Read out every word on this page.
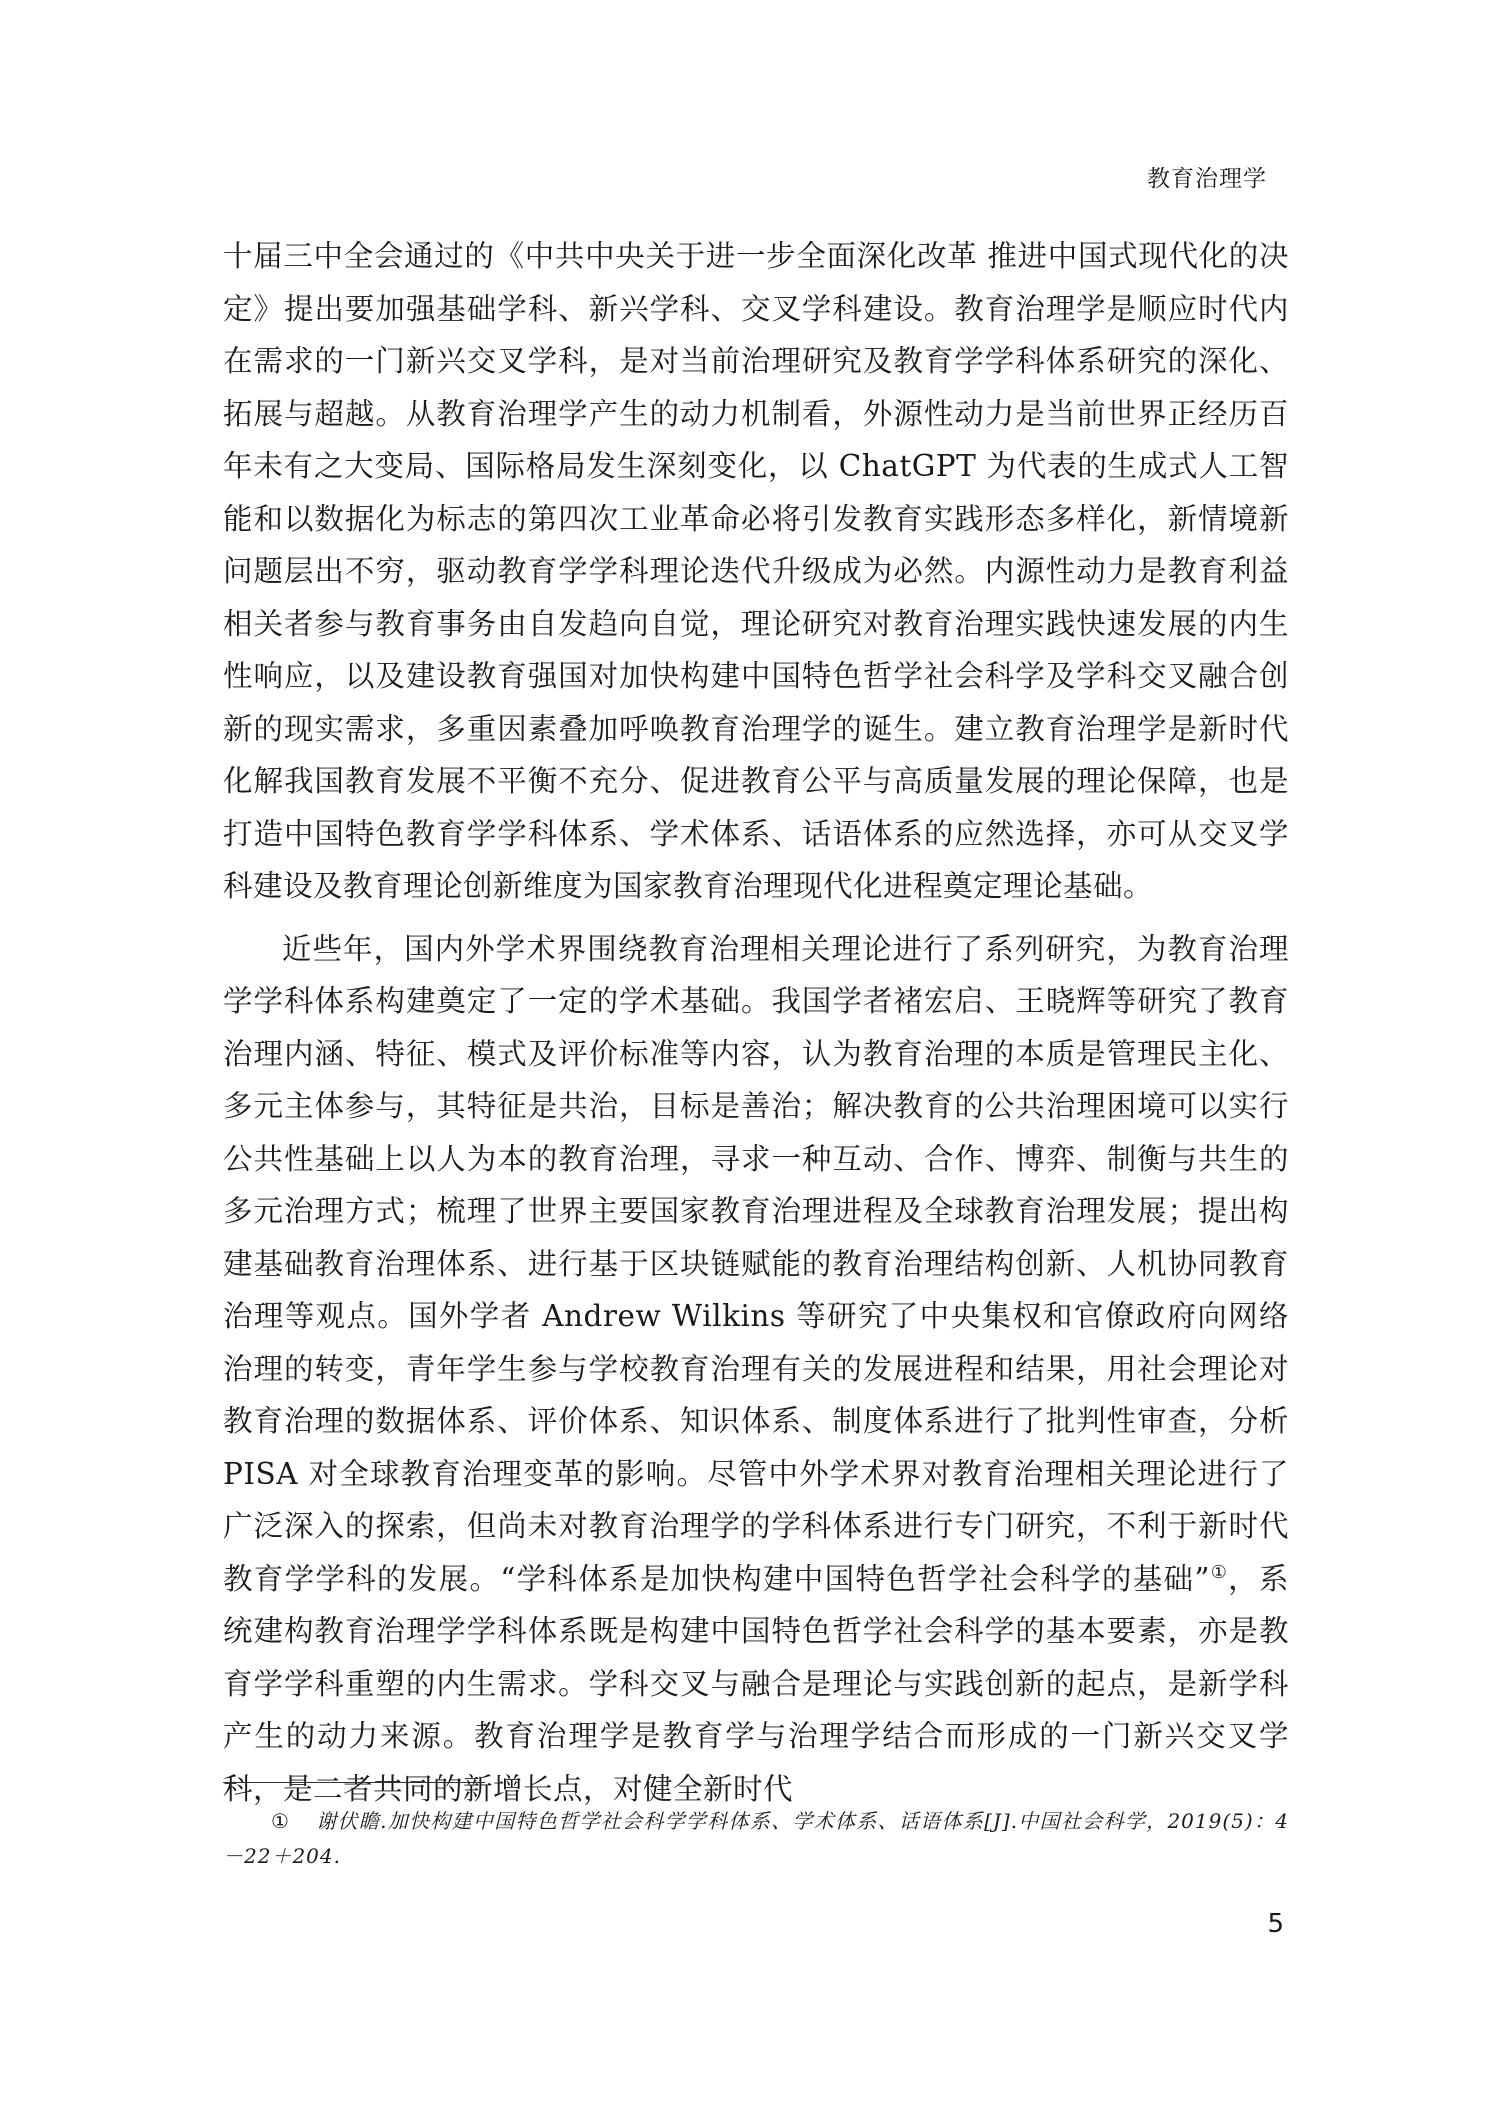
教育治理学

十届三中全会通过的《中共中央关于进一步全面深化改革 推进中国式现代化的决定》提出要加强基础学科、新兴学科、交叉学科建设。教育治理学是顺应时代内在需求的一门新兴交叉学科，是对当前治理研究及教育学学科体系研究的深化、拓展与超越。从教育治理学产生的动力机制看，外源性动力是当前世界正经历百年未有之大变局、国际格局发生深刻变化，以 ChatGPT 为代表的生成式人工智能和以数据化为标志的第四次工业革命必将引发教育实践形态多样化，新情境新问题层出不穷，驱动教育学学科理论迭代升级成为必然。内源性动力是教育利益相关者参与教育事务由自发趋向自觉，理论研究对教育治理实践快速发展的内生性响应，以及建设教育强国对加快构建中国特色哲学社会科学及学科交叉融合创新的现实需求，多重因素叠加呼唤教育治理学的诞生。建立教育治理学是新时代化解我国教育发展不平衡不充分、促进教育公平与高质量发展的理论保障，也是打造中国特色教育学学科体系、学术体系、话语体系的应然选择，亦可从交叉学科建设及教育理论创新维度为国家教育治理现代化进程奠定理论基础。

近些年，国内外学术界围绕教育治理相关理论进行了系列研究，为教育治理学学科体系构建奠定了一定的学术基础。我国学者褚宏启、王晓辉等研究了教育治理内涵、特征、模式及评价标准等内容，认为教育治理的本质是管理民主化、多元主体参与，其特征是共治，目标是善治；解决教育的公共治理困境可以实行公共性基础上以人为本的教育治理，寻求一种互动、合作、博弈、制衡与共生的多元治理方式；梳理了世界主要国家教育治理进程及全球教育治理发展；提出构建基础教育治理体系、进行基于区块链赋能的教育治理结构创新、人机协同教育治理等观点。国外学者 Andrew Wilkins 等研究了中央集权和官僚政府向网络治理的转变，青年学生参与学校教育治理有关的发展进程和结果，用社会理论对教育治理的数据体系、评价体系、知识体系、制度体系进行了批判性审查，分析 PISA 对全球教育治理变革的影响。尽管中外学术界对教育治理相关理论进行了广泛深入的探索，但尚未对教育治理学的学科体系进行专门研究，不利于新时代教育学学科的发展。“学科体系是加快构建中国特色哲学社会科学的基础”①，系统建构教育治理学学科体系既是构建中国特色哲学社会科学的基本要素，亦是教育学学科重塑的内生需求。学科交叉与融合是理论与实践创新的起点，是新学科产生的动力来源。教育治理学是教育学与治理学结合而形成的一门新兴交叉学科，是二者共同的新增长点，对健全新时代

① 谢伏瞻.加快构建中国特色哲学社会科学学科体系、学术体系、话语体系[J].中国社会科学，2019(5)：4－22＋204.
5
